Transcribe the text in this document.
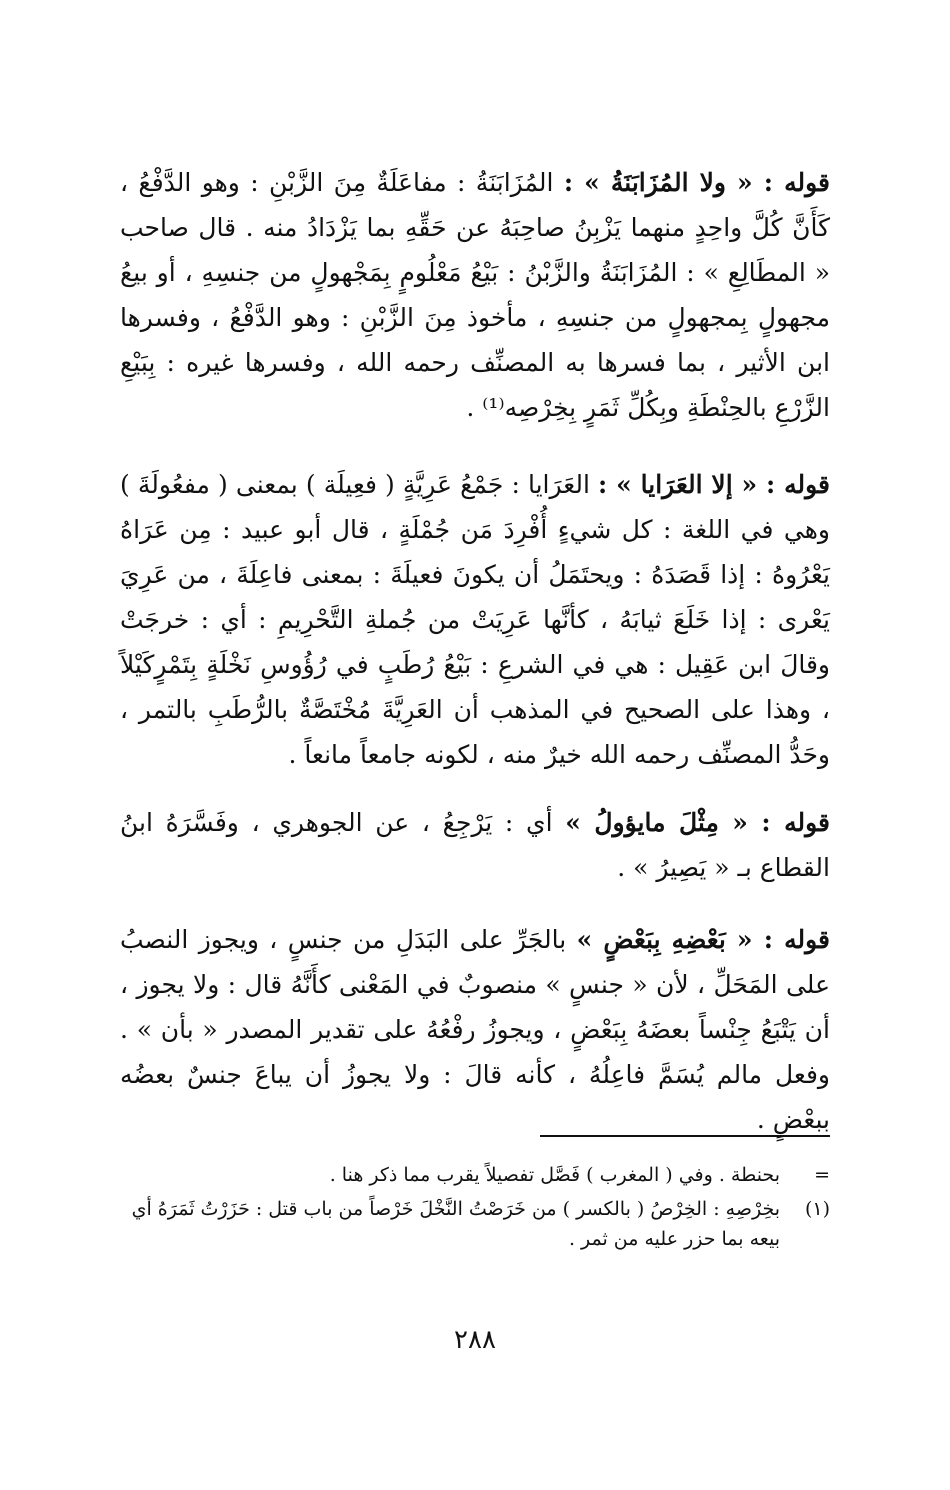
قوله : « ولا المُزَابَنَةُ » : المُزَابَنَةُ : مفاعَلَةٌ مِنَ الزَّبْنِ : وهو الدَّفْعُ ، كَأَنَّ كُلَّ واحِدٍ منهما يَزْبِنُ صاحِبَهُ عن حَقِّهِ بما يَزْدَادُ منه . قال صاحب « المطَالِعِ » : المُزَابَنَةُ والزَّبْنُ : بَيْعُ مَعْلُومٍ بِمَجْهولٍ من جنسِهِ ، أو بيعُ مجهولٍ بِمجهولٍ من جنسِهِ ، مأخوذ مِنَ الزَّبْنِ : وهو الدَّفْعُ ، وفسرها ابن الأثير ، بما فسرها به المصنِّف رحمه الله ، وفسرها غيره : بِبَيْعِ الزَّرْعِ بالحِنْطَةِ وبِكُلِّ ثَمَرٍ بِخِرْصِه⁽¹⁾ .

قوله : « إلا العَرَايا » : العَرَايا : جَمْعُ عَرِيَّةٍ ( فعِيلَة ) بمعنى ( مفعُولَةَ ) وهي في اللغة : كل شيءٍ أُفْرِدَ مَن جُمْلَةٍ ، قال أبو عبيد : مِن عَرَاهُ يَعْرُوهُ : إذا قَصَدَهُ : ويحتَمَلُ أن يكونَ فعيلَةَ : بمعنى فاعِلَةَ ، من عَرِيَ يَعْرى : إذا خَلَعَ ثيابَهُ ، كأنَّها عَرِيَتْ من جُملةِ التَّحْرِيمِ : أي : خرجَتْ وقالَ ابن عَقِيل : هي في الشرعِ : بَيْعُ رُطَبٍ في رُؤُوسِ نَخْلَةٍ بِتَمْرٍكَيْلاً ، وهذا على الصحيح في المذهب أن العَرِيَّةَ مُخْتَصَّةٌ بالرُّطَبِ بالتمر ، وحَدُّ المصنِّف رحمه الله خيرٌ منه ، لكونه جامعاً مانعاً .

قوله : « مِثْلَ مايؤولُ » أي : يَرْجِعُ ، عن الجوهري ، وفَسَّرَهُ ابنُ القطاع بـ « يَصِيرُ » .

قوله : « بَعْضِهِ بِبَعْضٍ » بالجَرِّ على البَدَلِ من جنسٍ ، ويجوز النصبُ على المَحَلِّ ، لأن « جنسٍ » منصوبٌ في المَعْنى كأَنَّهُ قال : ولا يجوز ، أن يَتْبَعُ جِنْساً بعضَهُ بِبَعْضٍ ، ويجوزُ رفْعُهُ على تقدير المصدر « بأن » . وفعل مالم يُسَمَّ فاعِلُهُ ، كأنه قالَ : ولا يجوزُ أن يباعَ جنسٌ بعضُه ببعْضٍ .

=
بحنطة . وفي ( المغرب ) فَصَّل تفصيلاً يقرب مما ذكر هنا .
(١)
بخِرْصِهِ : الخِرْصُ ( بالكسر ) من خَرَصْتُ النَّخْلَ خَرْصاً من باب قتل : حَزَرْتُ ثَمَرَهُ أي بيعه بما حزر عليه من ثمر .
٢٨٨
